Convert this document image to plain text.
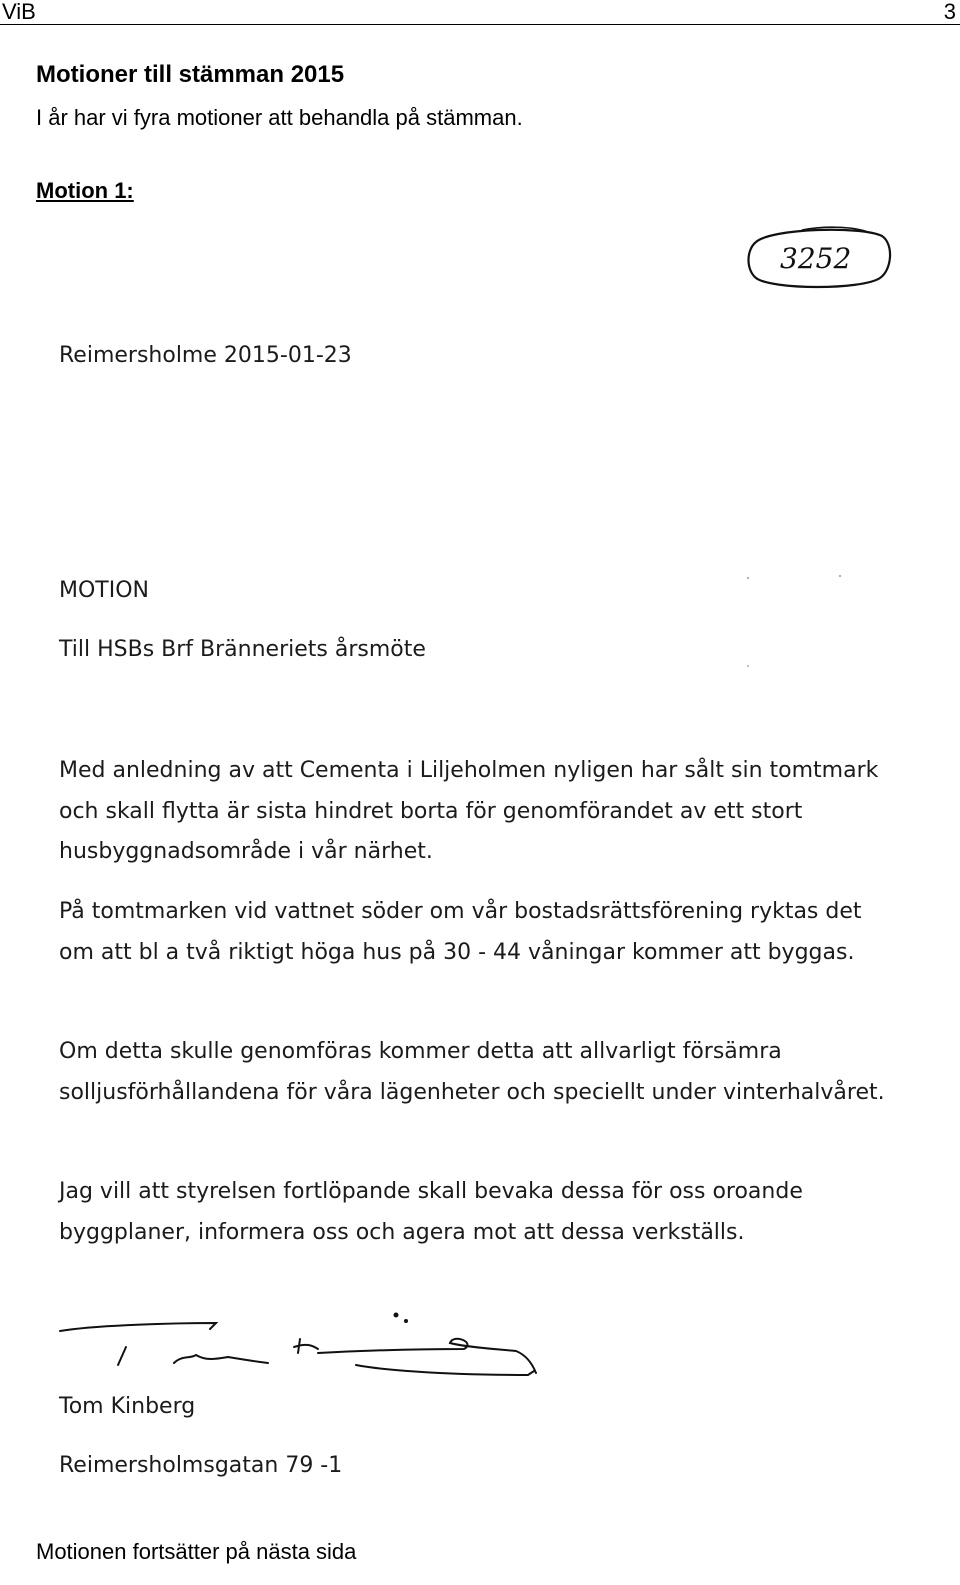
ViB	3
Motioner till stämman 2015
I år har vi fyra motioner att behandla på stämman.
Motion 1:
3252
Reimersholme 2015-01-23
MOTION
Till HSBs Brf Bränneriets årsmöte

Med anledning av att Cementa i Liljeholmen nyligen har sålt sin tomtmark och skall flytta är sista hindret borta för genomförandet av ett stort husbyggnadsområde i vår närhet.

På tomtmarken vid vattnet söder om vår bostadsrättsförening ryktas det om att bl a två riktigt höga hus på 30 - 44 våningar kommer att byggas.

Om detta skulle genomföras kommer detta att allvarligt försämra solljusförhållandena för våra lägenheter och speciellt under vinterhalvåret.

Jag vill att styrelsen fortlöpande skall bevaka dessa för oss oroande byggplaner, informera oss och agera mot att dessa verkställs.

Tom Kinberg
Reimersholmsgatan 79 -1
Motionen fortsätter på nästa sida
